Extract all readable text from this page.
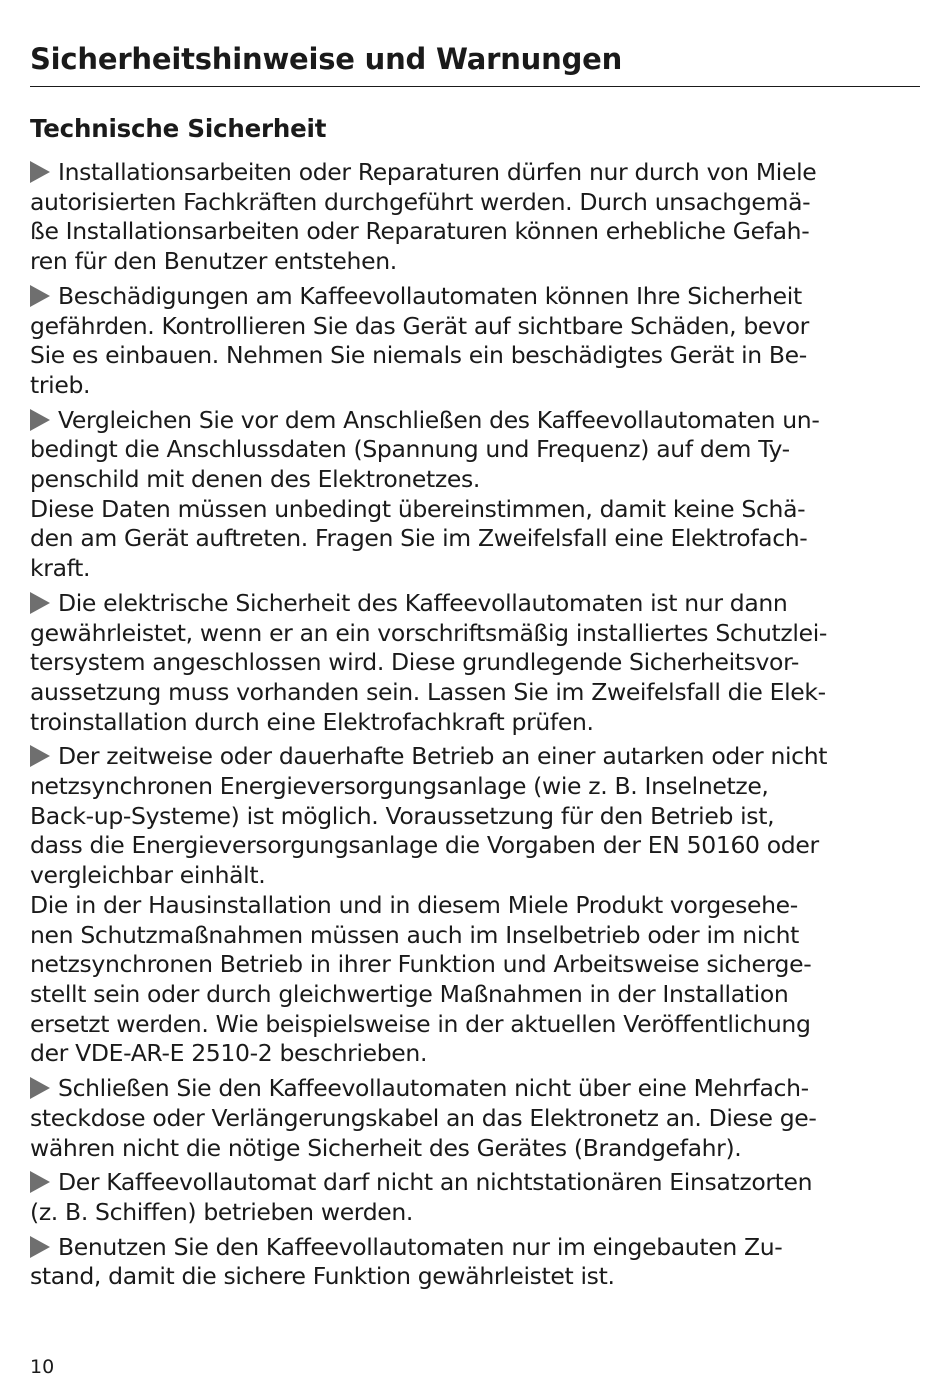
Sicherheitshinweise und Warnungen
Technische Sicherheit
Installationsarbeiten oder Reparaturen dürfen nur durch von Miele
autorisierten Fachkräften durchgeführt werden. Durch unsachgemä-
ße Installationsarbeiten oder Reparaturen können erhebliche Gefah-
ren für den Benutzer entstehen.
Beschädigungen am Kaffeevollautomaten können Ihre Sicherheit
gefährden. Kontrollieren Sie das Gerät auf sichtbare Schäden, bevor
Sie es einbauen. Nehmen Sie niemals ein beschädigtes Gerät in Be-
trieb.
Vergleichen Sie vor dem Anschließen des Kaffeevollautomaten un-
bedingt die Anschlussdaten (Spannung und Frequenz) auf dem Ty-
penschild mit denen des Elektronetzes.
Diese Daten müssen unbedingt übereinstimmen, damit keine Schä-
den am Gerät auftreten. Fragen Sie im Zweifelsfall eine Elektrofach-
kraft.
Die elektrische Sicherheit des Kaffeevollautomaten ist nur dann
gewährleistet, wenn er an ein vorschriftsmäßig installiertes Schutzlei-
tersystem angeschlossen wird. Diese grundlegende Sicherheitsvor-
aussetzung muss vorhanden sein. Lassen Sie im Zweifelsfall die Elek-
troinstallation durch eine Elektrofachkraft prüfen.
Der zeitweise oder dauerhafte Betrieb an einer autarken oder nicht
netzsynchronen Energieversorgungsanlage (wie z. B. Inselnetze,
Back-up-Systeme) ist möglich. Voraussetzung für den Betrieb ist,
dass die Energieversorgungsanlage die Vorgaben der EN 50160 oder
vergleichbar einhält.
Die in der Hausinstallation und in diesem Miele Produkt vorgesehe-
nen Schutzmaßnahmen müssen auch im Inselbetrieb oder im nicht
netzsynchronen Betrieb in ihrer Funktion und Arbeitsweise sicherge-
stellt sein oder durch gleichwertige Maßnahmen in der Installation
ersetzt werden. Wie beispielsweise in der aktuellen Veröffentlichung
der VDE-AR-E 2510-2 beschrieben.
Schließen Sie den Kaffeevollautomaten nicht über eine Mehrfach-
steckdose oder Verlängerungskabel an das Elektronetz an. Diese ge-
währen nicht die nötige Sicherheit des Gerätes (Brandgefahr).
Der Kaffeevollautomat darf nicht an nichtstationären Einsatzorten
(z. B. Schiffen) betrieben werden.
Benutzen Sie den Kaffeevollautomaten nur im eingebauten Zu-
stand, damit die sichere Funktion gewährleistet ist.
10
